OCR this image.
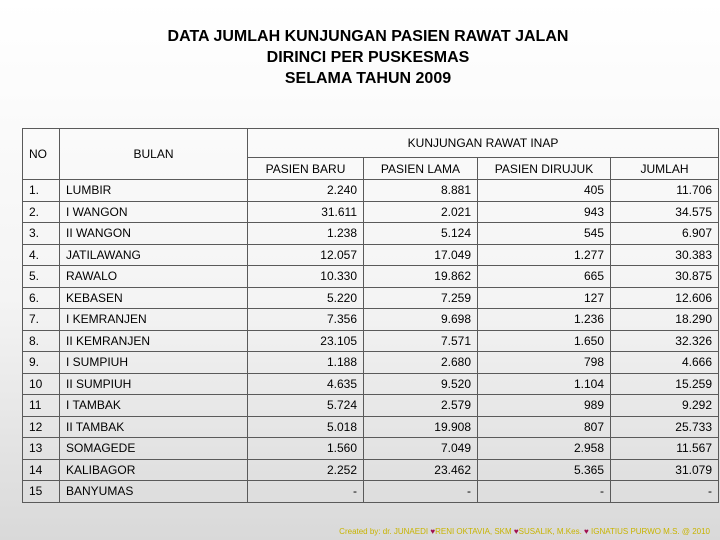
DATA JUMLAH KUNJUNGAN PASIEN RAWAT JALAN
DIRINCI PER PUSKESMAS
SELAMA TAHUN 2009
NO	BULAN	KUNJUNGAN RAWAT INAP			
		PASIEN BARU	PASIEN LAMA	PASIEN DIRUJUK	JUMLAH
1.	LUMBIR	2.240	8.881	405	11.706
2.	I WANGON	31.611	2.021	943	34.575
3.	II WANGON	1.238	5.124	545	6.907
4.	JATILAWANG	12.057	17.049	1.277	30.383
5.	RAWALO	10.330	19.862	665	30.875
6.	KEBASEN	5.220	7.259	127	12.606
7.	I KEMRANJEN	7.356	9.698	1.236	18.290
8.	II KEMRANJEN	23.105	7.571	1.650	32.326
9.	I SUMPIUH	1.188	2.680	798	4.666
10	II SUMPIUH	4.635	9.520	1.104	15.259
11	I TAMBAK	5.724	2.579	989	9.292
12	II TAMBAK	5.018	19.908	807	25.733
13	SOMAGEDE	1.560	7.049	2.958	11.567
14	KALIBAGOR	2.252	23.462	5.365	31.079
15	BANYUMAS	-	-	-	-
Created by: dr. JUNAEDI ♥RENI OKTAVIA, SKM ♥SUSALIK, M.Kes. ♥ IGNATIUS PURWO M.S. @ 2010
